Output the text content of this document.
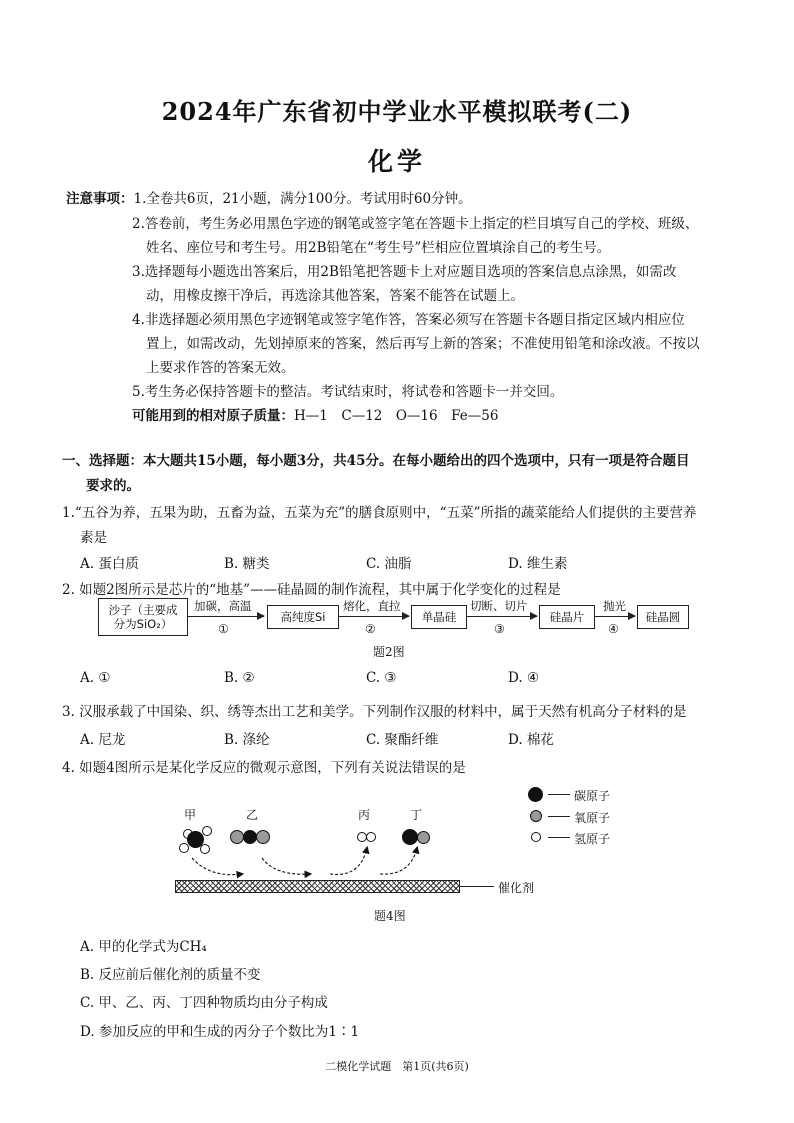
2024年广东省初中学业水平模拟联考(二)
化学
注意事项：1.全卷共6页，21小题，满分100分。考试用时60分钟。
2.答卷前，考生务必用黑色字迹的钢笔或签字笔在答题卡上指定的栏目填写自己的学校、班级、
姓名、座位号和考生号。用2B铅笔在“考生号”栏相应位置填涂自己的考生号。
3.选择题每小题选出答案后，用2B铅笔把答题卡上对应题目选项的答案信息点涂黑，如需改
动，用橡皮擦干净后，再选涂其他答案，答案不能答在试题上。
4.非选择题必须用黑色字迹钢笔或签字笔作答，答案必须写在答题卡各题目指定区域内相应位
置上，如需改动，先划掉原来的答案，然后再写上新的答案；不准使用铅笔和涂改液。不按以
上要求作答的答案无效。
5.考生务必保持答题卡的整洁。考试结束时，将试卷和答题卡一并交回。
可能用到的相对原子质量：H—1　C—12　O—16　Fe—56
一、选择题：本大题共15小题，每小题3分，共45分。在每小题给出的四个选项中，只有一项是符合题目
要求的。
1.“五谷为养，五果为助，五畜为益，五菜为充”的膳食原则中，“五菜”所指的蔬菜能给人们提供的主要营养
素是
A. 蛋白质	B. 糖类	C. 油脂	D. 维生素
2. 如题2图所示是芯片的“地基”——硅晶圆的制作流程，其中属于化学变化的过程是
沙子（主要成
分为SiO₂）
加碳，高温
①
高纯度Si
熔化，直拉
②
单晶硅
切断、切片
③
硅晶片
抛光
④
硅晶圆
题2图
A. ①	B. ②	C. ③	D. ④
3. 汉服承载了中国染、织、绣等杰出工艺和美学。下列制作汉服的材料中，属于天然有机高分子材料的是
A. 尼龙	B. 涤纶	C. 聚酯纤维	D. 棉花
4. 如题4图所示是某化学反应的微观示意图，下列有关说法错误的是
甲	乙	丙	丁
催化剂
碳原子
氧原子
氢原子
题4图
A. 甲的化学式为CH₄
B. 反应前后催化剂的质量不变
C. 甲、乙、丙、丁四种物质均由分子构成
D. 参加反应的甲和生成的丙分子个数比为1∶1
二模化学试题　第1页(共6页)
